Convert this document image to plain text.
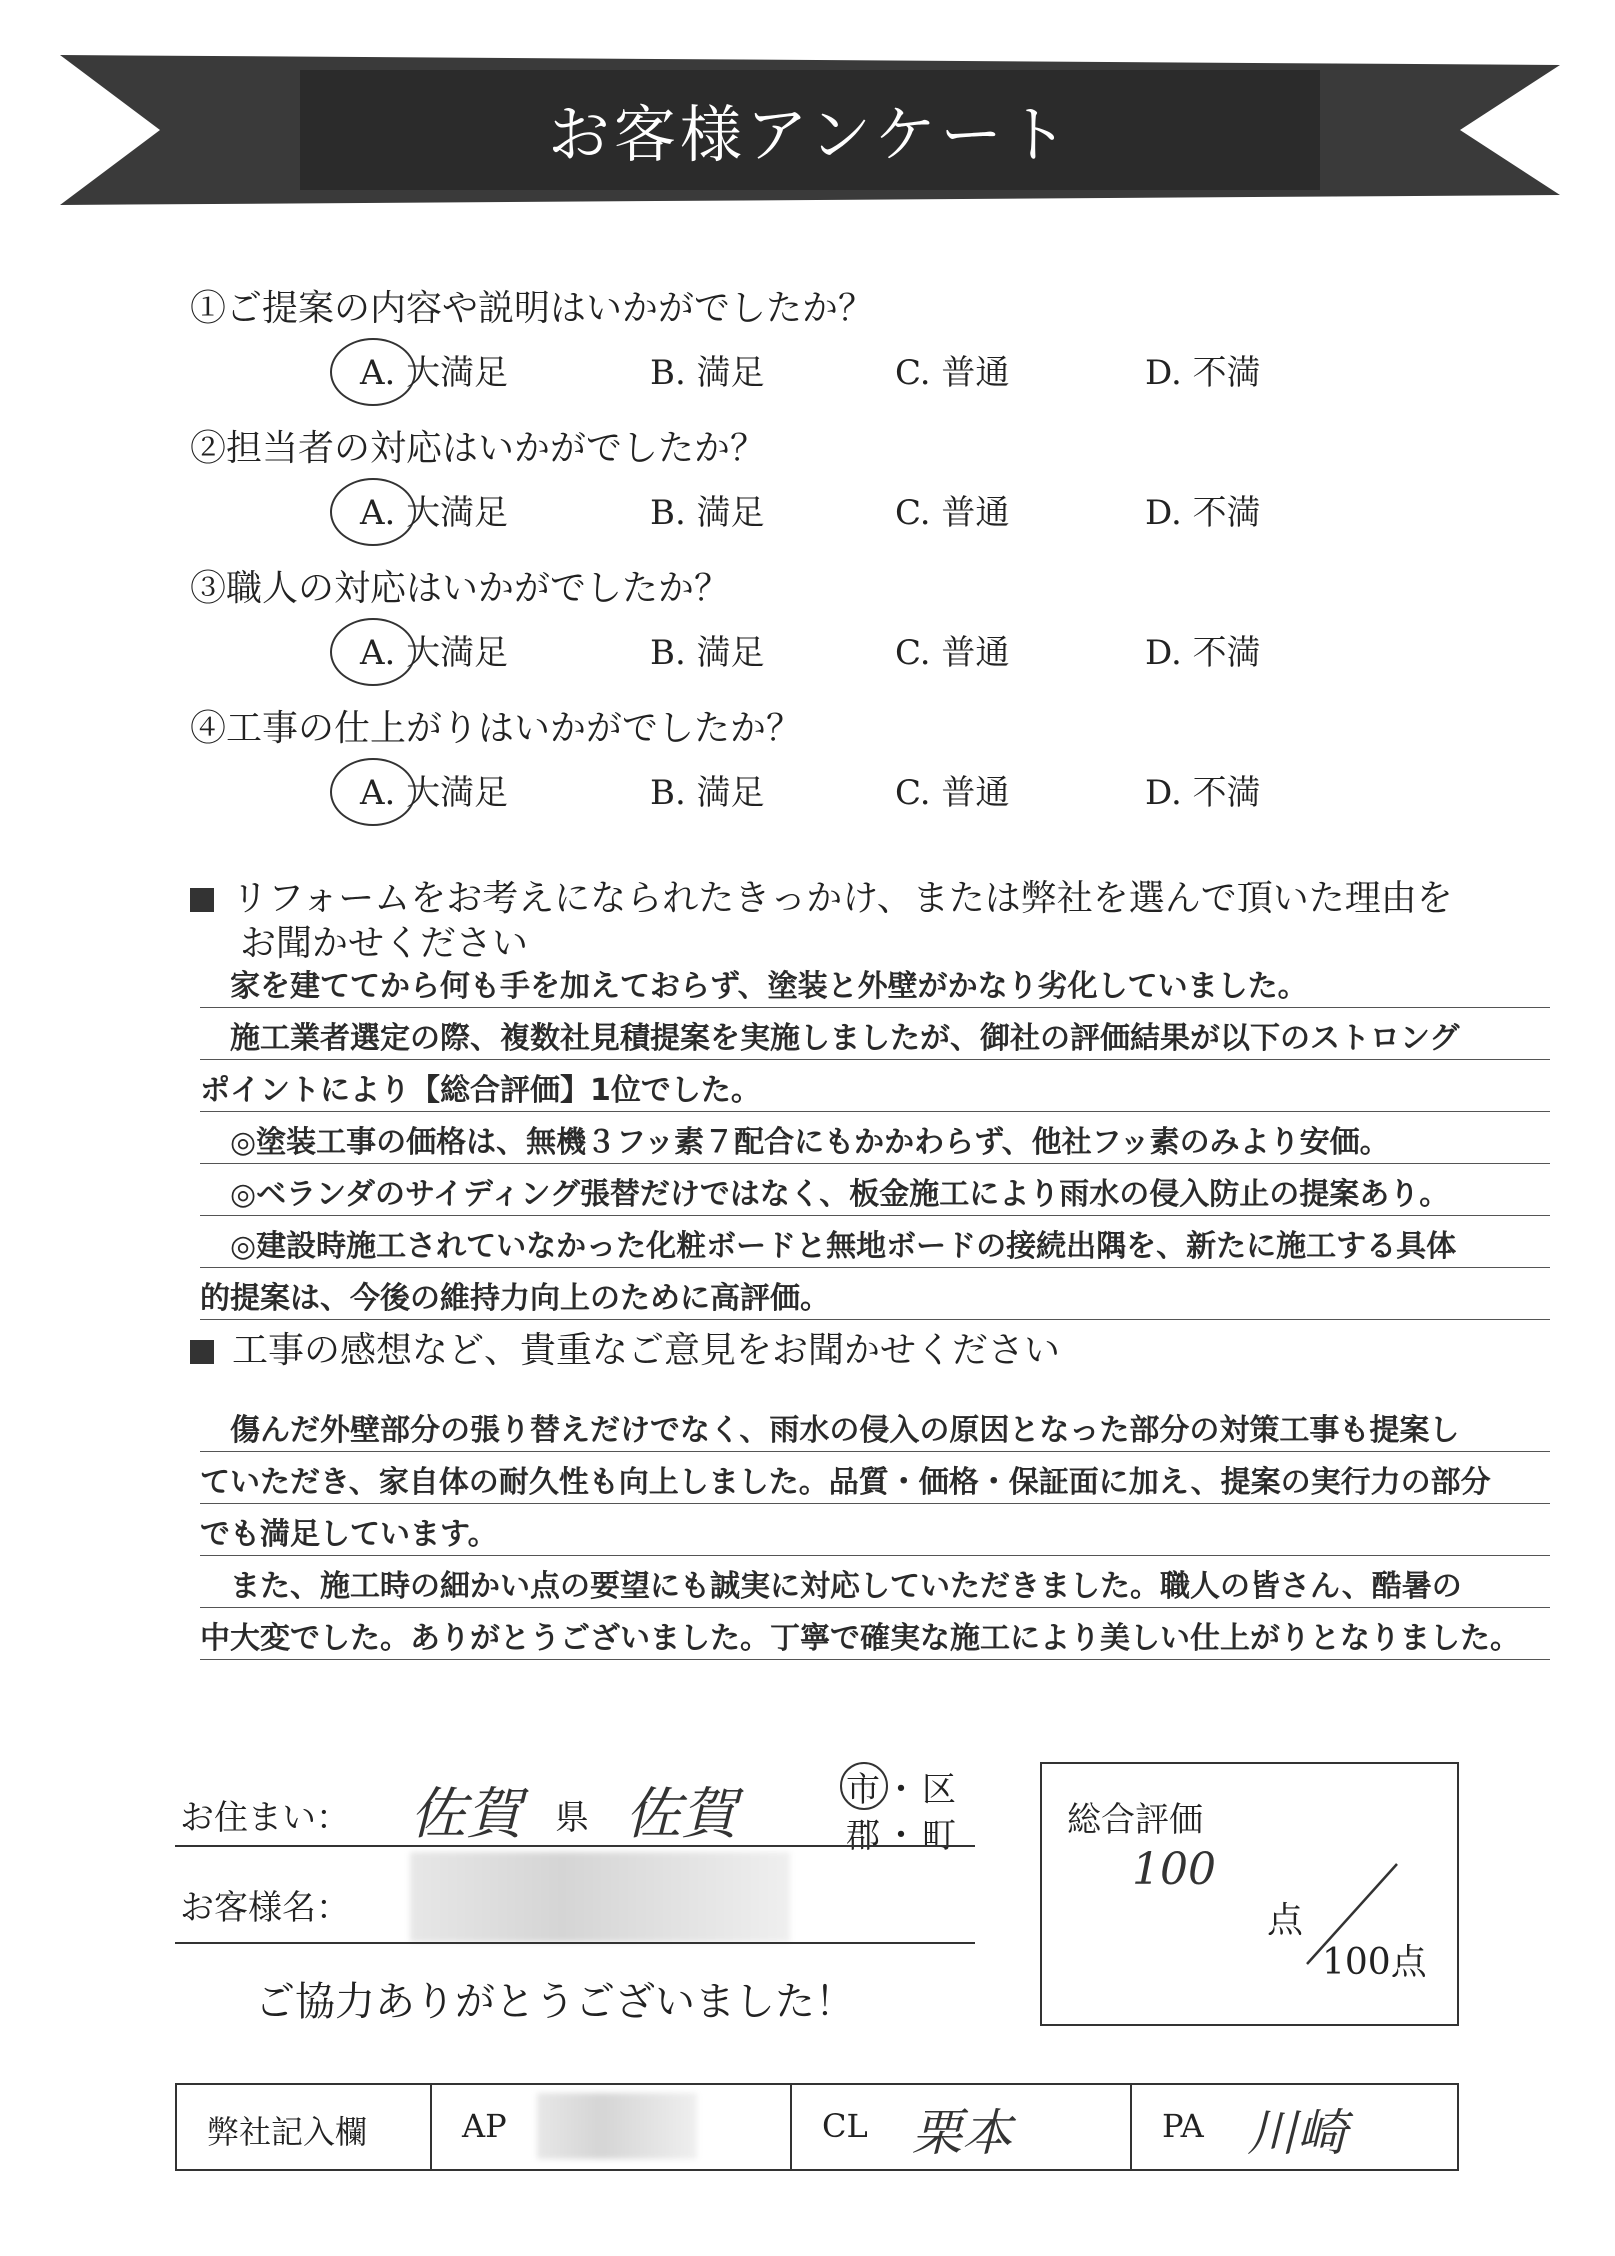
お客様アンケート
①ご提案の内容や説明はいかがでしたか？
A. 大満足	B. 満足	C. 普通	D. 不満
②担当者の対応はいかがでしたか？
A. 大満足	B. 満足	C. 普通	D. 不満
③職人の対応はいかがでしたか？
A. 大満足	B. 満足	C. 普通	D. 不満
④工事の仕上がりはいかがでしたか？
A. 大満足	B. 満足	C. 普通	D. 不満
リフォームをお考えになられたきっかけ、または弊社を選んで頂いた理由を
お聞かせください
家を建ててから何も手を加えておらず、塗装と外壁がかなり劣化していました。
施工業者選定の際、複数社見積提案を実施しましたが、御社の評価結果が以下のストロング
ポイントにより【総合評価】1位でした。
◎塗装工事の価格は、無機３フッ素７配合にもかかわらず、他社フッ素のみより安価。
◎ベランダのサイディング張替だけではなく、板金施工により雨水の侵入防止の提案あり。
◎建設時施工されていなかった化粧ボードと無地ボードの接続出隅を、新たに施工する具体
的提案は、今後の維持力向上のために高評価。
工事の感想など、貴重なご意見をお聞かせください
傷んだ外壁部分の張り替えだけでなく、雨水の侵入の原因となった部分の対策工事も提案し
ていただき、家自体の耐久性も向上しました。品質・価格・保証面に加え、提案の実行力の部分
でも満足しています。
また、施工時の細かい点の要望にも誠実に対応していただきました。職人の皆さん、酷暑の
中大変でした。ありがとうございました。丁寧で確実な施工により美しい仕上がりとなりました。
お住まい： 佐賀 県 佐賀	市・区
郡・町
お客様名：
ご協力ありがとうございました！
総合評価
100
点
100点
弊社記入欄	AP	CL 栗本	PA 川崎
